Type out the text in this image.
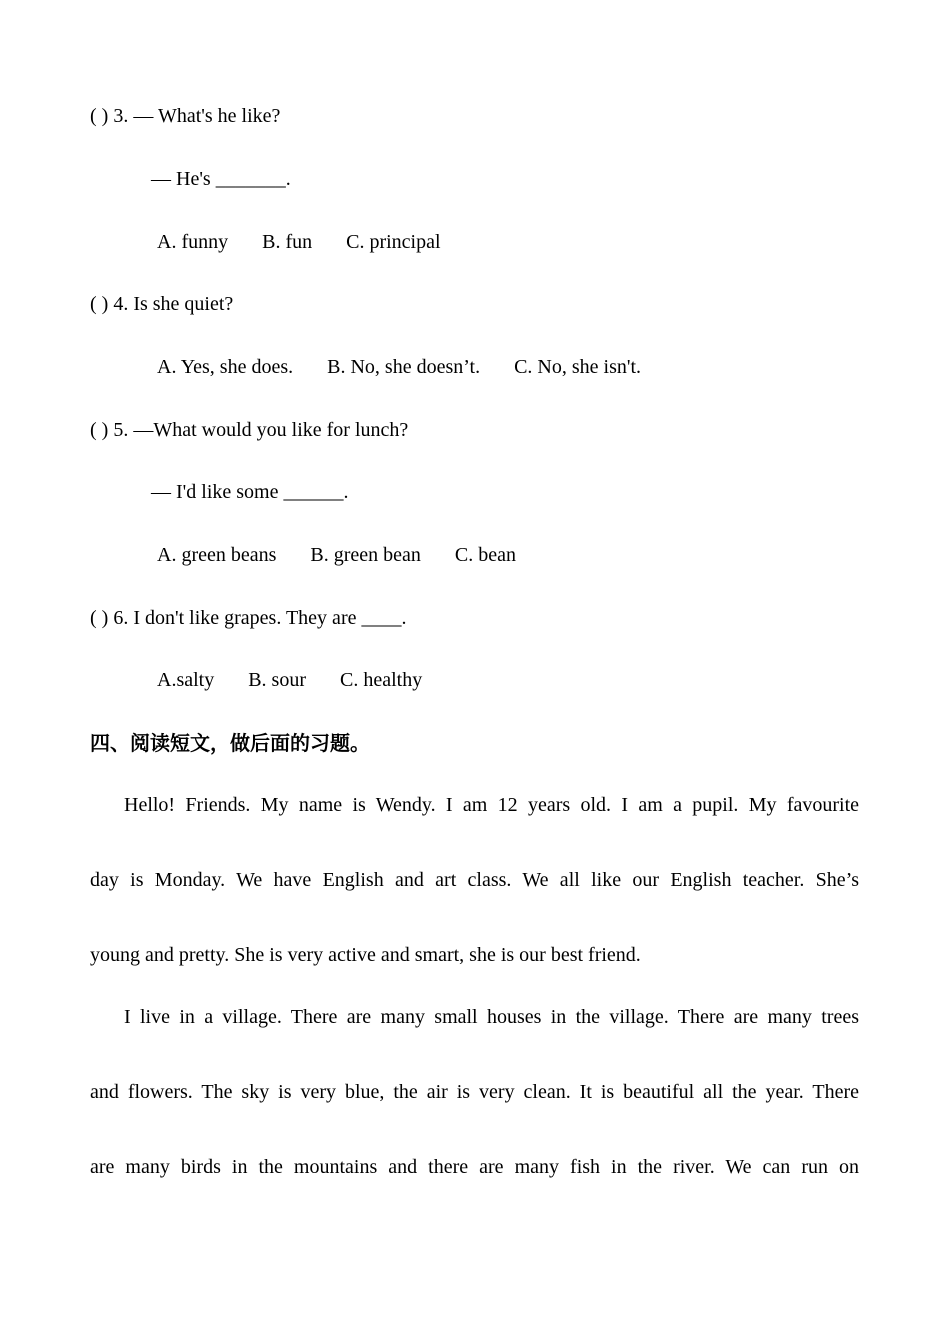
( ) 3. — What's he like?
— He's _______.
A. funny B. fun C. principal
( ) 4. Is she quiet?
A. Yes, she does. B. No, she doesn’t. C. No, she isn't.
( ) 5. —What would you like for lunch?
— I'd like some ______.
A. green beans B. green bean C. bean
( ) 6. I don't like grapes. They are ____.
A.salty B. sour C. healthy
四、阅读短文，做后面的习题。
Hello! Friends. My name is Wendy. I am 12 years old. I am a pupil. My favourite
day is Monday. We have English and art class. We all like our English teacher. She’s
young and pretty. She is very active and smart, she is our best friend.
I live in a village. There are many small houses in the village. There are many trees
and flowers. The sky is very blue, the air is very clean. It is beautiful all the year. There
are many birds in the mountains and there are many fish in the river. We can run on
